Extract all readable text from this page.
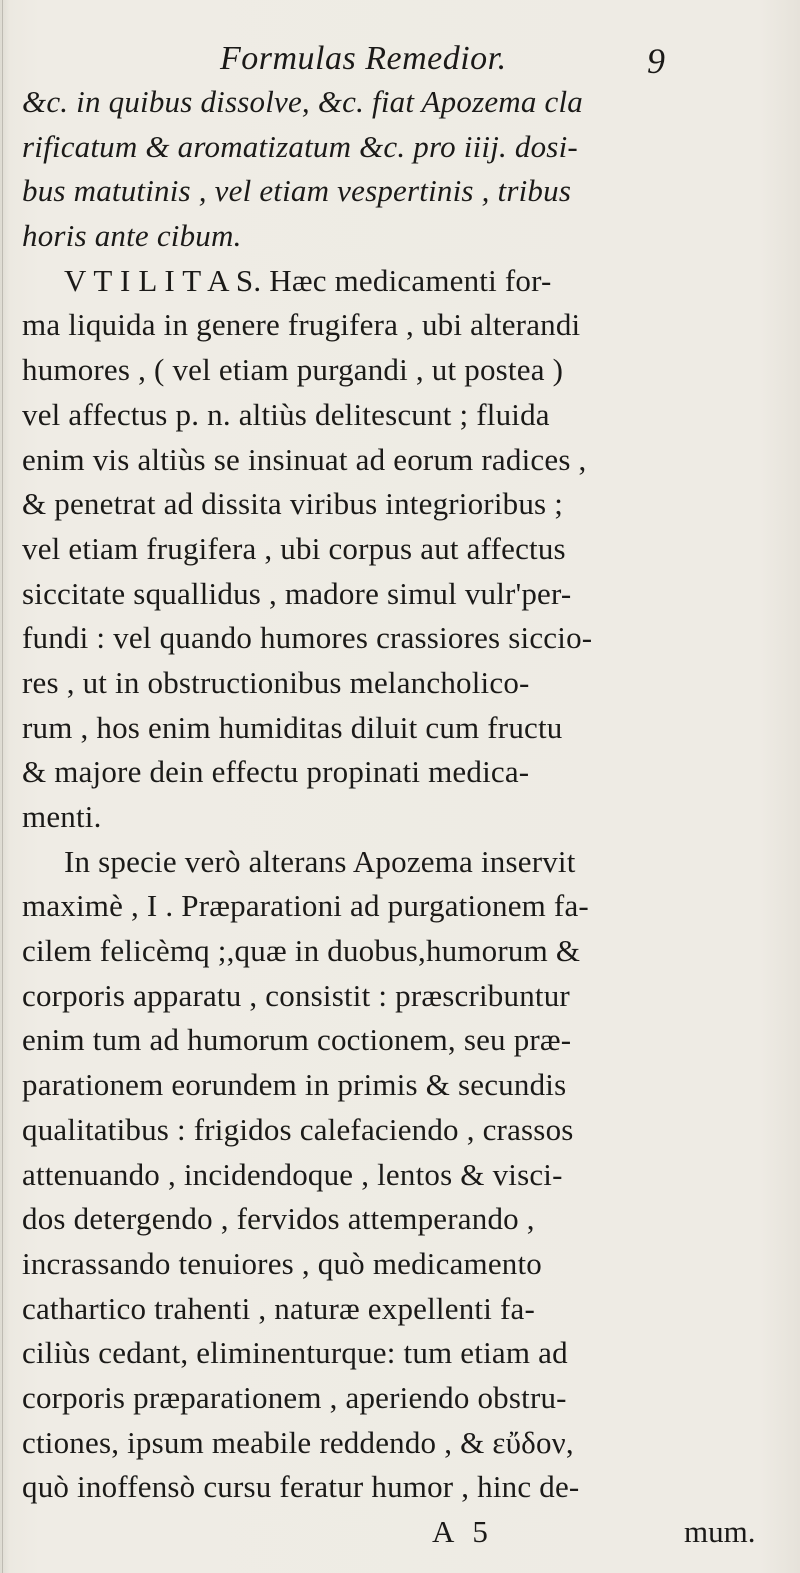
Formulas Remedior.	9
&c. in quibus dissolve, &c. fiat Apozema cla
rificatum & aromatizatum &c. pro iiij. dosi-
bus matutinis , vel etiam vespertinis , tribus
horis ante cibum.
V T I L I T A S. Hæc medicamenti for-
ma liquida in genere frugifera , ubi alterandi
humores , ( vel etiam purgandi , ut postea )
vel affectus p. n. altiùs delitescunt ; fluida
enim vis altiùs se insinuat ad eorum radices ,
& penetrat ad dissita viribus integrioribus ;
vel etiam frugifera , ubi corpus aut affectus
siccitate squallidus , madore simul vulr'per-
fundi : vel quando humores crassiores siccio-
res , ut in obstructionibus melancholico-
rum , hos enim humiditas diluit cum fructu
& majore dein effectu propinati medica-
menti.
In specie verò alterans Apozema inservit
maximè , I . Præparationi ad purgationem fa-
cilem felicèmq ;,quæ in duobus,humorum &
corporis apparatu , consistit : præscribuntur
enim tum ad humorum coctionem, seu præ-
parationem eorundem in primis & secundis
qualitatibus : frigidos calefaciendo , crassos
attenuando , incidendoque , lentos & visci-
dos detergendo , fervidos attemperando ,
incrassando tenuiores , quò medicamento
cathartico trahenti , naturæ expellenti fa-
ciliùs cedant, eliminenturque: tum etiam ad
corporis præparationem , aperiendo obstru-
ctiones, ipsum meabile reddendo , & εὔδον,
quò inoffensò cursu feratur humor , hinc de-
A 5	mum.
